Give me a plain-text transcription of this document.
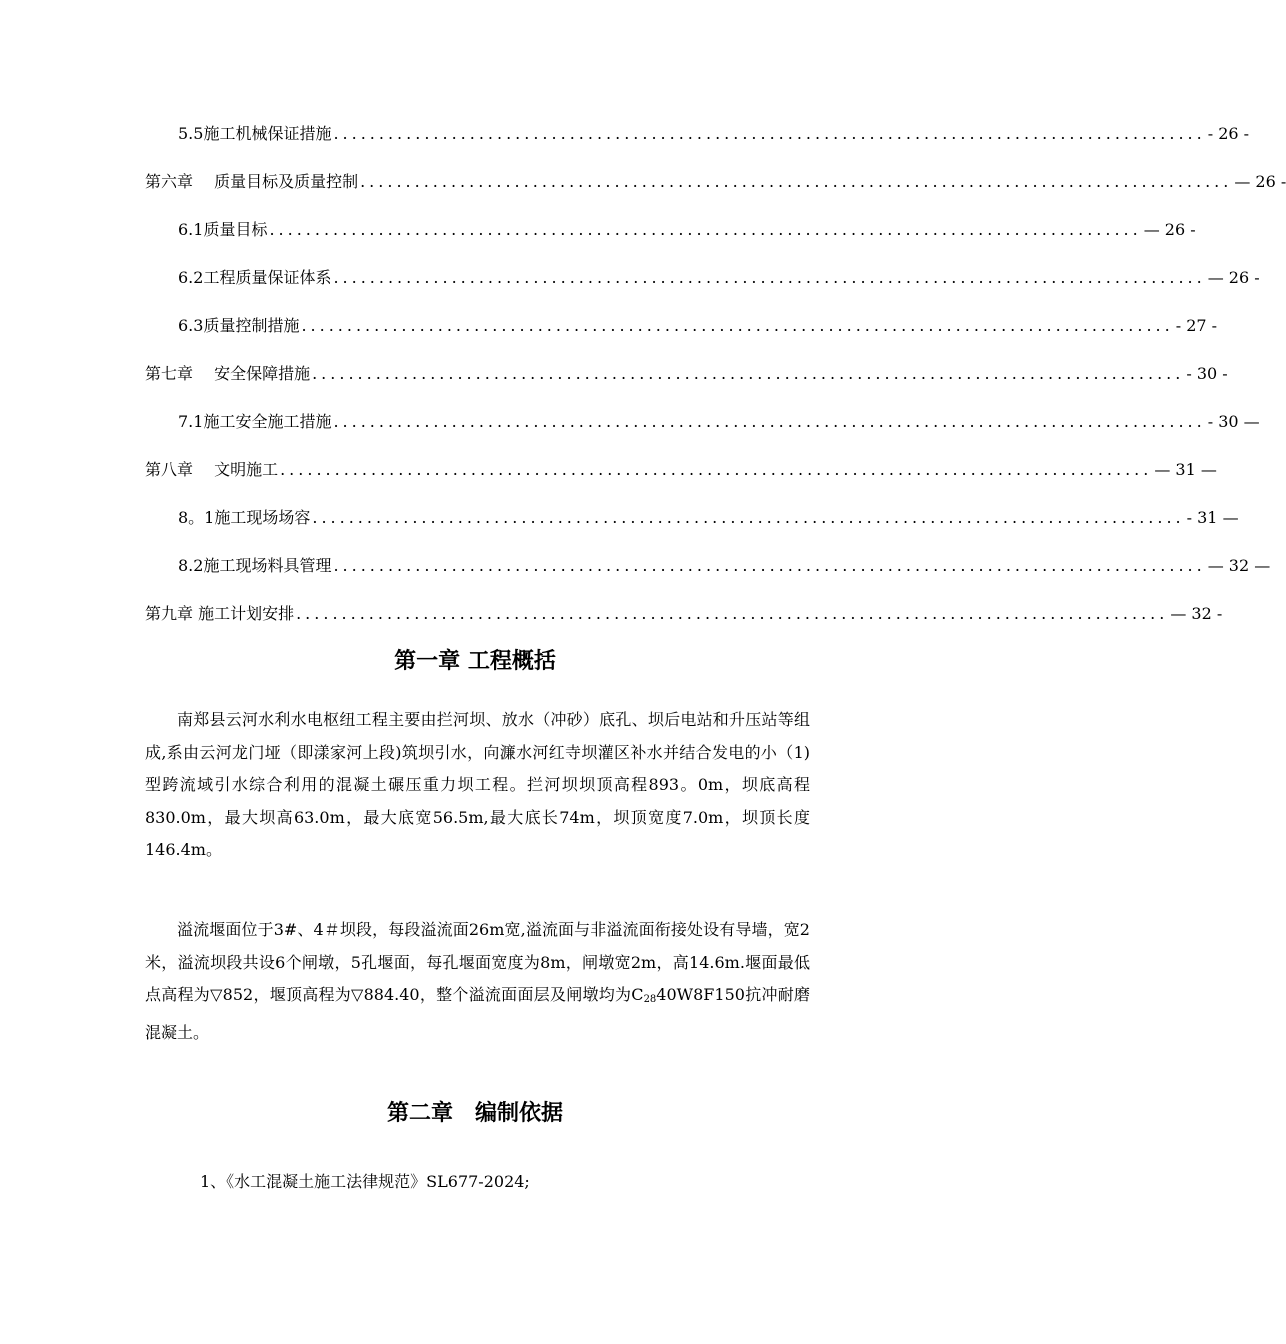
5.5施工机械保证措施 ................................................................................................ - 26 -
第六章　 质量目标及质量控制 ................................................................................................ — 26 -
6.1质量目标 ................................................................................................ — 26 -
6.2工程质量保证体系 ................................................................................................ — 26 -
6.3质量控制措施 ................................................................................................ - 27 -
第七章　 安全保障措施 ................................................................................................ - 30 -
7.1施工安全施工措施 ................................................................................................ - 30 —
第八章　 文明施工 ................................................................................................ — 31 —
8。1施工现场场容 ................................................................................................ - 31 —
8.2施工现场料具管理 ................................................................................................ — 32 —
第九章 施工计划安排 ................................................................................................ — 32 -
第一章 工程概括

南郑县云河水利水电枢纽工程主要由拦河坝、放水（冲砂）底孔、坝后电站和升压站等组成,系由云河龙门垭（即漾家河上段)筑坝引水，向濂水河红寺坝灌区补水并结合发电的小（1)型跨流域引水综合利用的混凝土碾压重力坝工程。拦河坝坝顶高程893。0m，坝底高程830.0m，最大坝高63.0m，最大底宽56.5m,最大底长74m，坝顶宽度7.0m，坝顶长度146.4m。

溢流堰面位于3#、4＃坝段，每段溢流面26m宽,溢流面与非溢流面衔接处设有导墙，宽2米，溢流坝段共设6个闸墩，5孔堰面，每孔堰面宽度为8m，闸墩宽2m，高14.6m.堰面最低点高程为▽852，堰顶高程为▽884.40，整个溢流面面层及闸墩均为C2840W8F150抗冲耐磨混凝土。

第二章　编制依据

1、《水工混凝土施工法律规范》SL677-2024;
